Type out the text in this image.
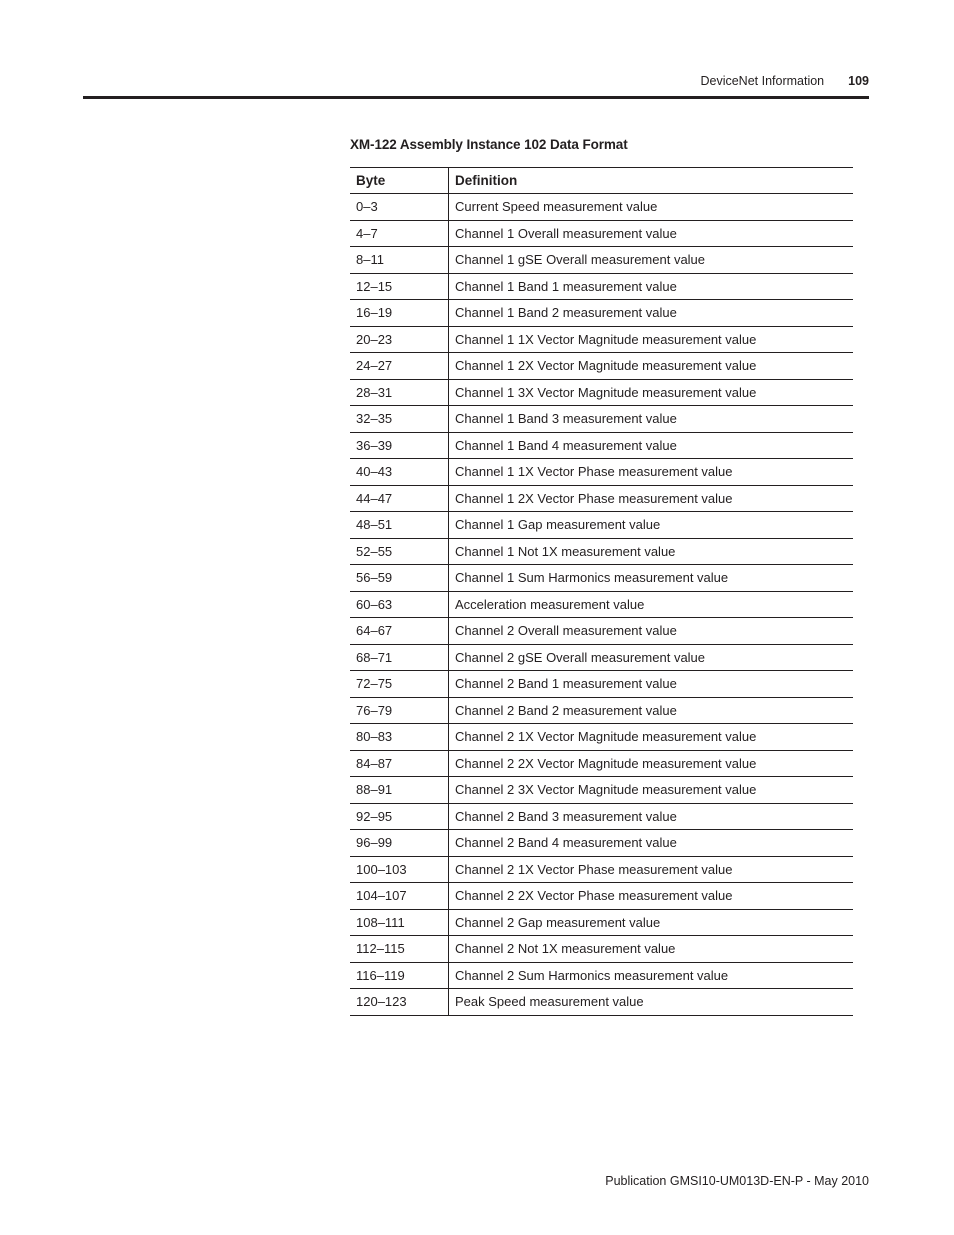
DeviceNet Information 109
XM-122 Assembly Instance 102 Data Format
Byte	Definition
0–3	Current Speed measurement value
4–7	Channel 1 Overall measurement value
8–11	Channel 1 gSE Overall measurement value
12–15	Channel 1 Band 1 measurement value
16–19	Channel 1 Band 2 measurement value
20–23	Channel 1 1X Vector Magnitude measurement value
24–27	Channel 1 2X Vector Magnitude measurement value
28–31	Channel 1 3X Vector Magnitude measurement value
32–35	Channel 1 Band 3 measurement value
36–39	Channel 1 Band 4 measurement value
40–43	Channel 1 1X Vector Phase measurement value
44–47	Channel 1 2X Vector Phase measurement value
48–51	Channel 1 Gap measurement value
52–55	Channel 1 Not 1X measurement value
56–59	Channel 1 Sum Harmonics measurement value
60–63	Acceleration measurement value
64–67	Channel 2 Overall measurement value
68–71	Channel 2 gSE Overall measurement value
72–75	Channel 2 Band 1 measurement value
76–79	Channel 2 Band 2 measurement value
80–83	Channel 2 1X Vector Magnitude measurement value
84–87	Channel 2 2X Vector Magnitude measurement value
88–91	Channel 2 3X Vector Magnitude measurement value
92–95	Channel 2 Band 3 measurement value
96–99	Channel 2 Band 4 measurement value
100–103	Channel 2 1X Vector Phase measurement value
104–107	Channel 2 2X Vector Phase measurement value
108–111	Channel 2 Gap measurement value
112–115	Channel 2 Not 1X measurement value
116–119	Channel 2 Sum Harmonics measurement value
120–123	Peak Speed measurement value
Publication GMSI10-UM013D-EN-P - May 2010
